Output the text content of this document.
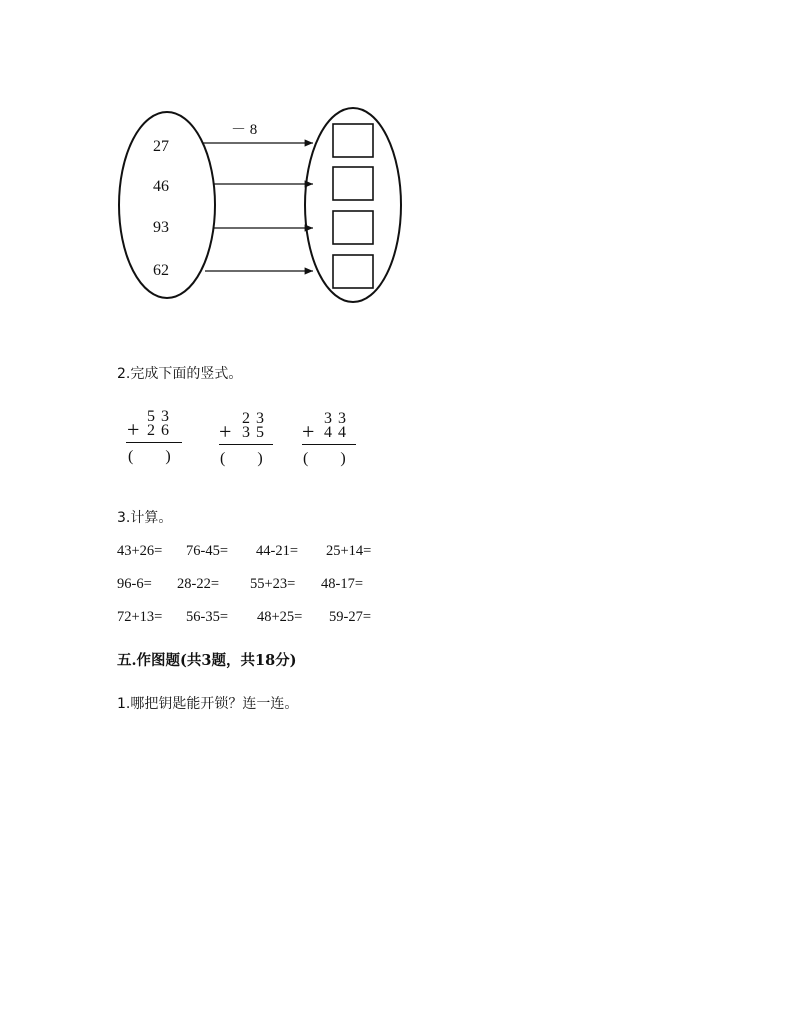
－ 8
27
46
93
62
2.完成下面的竖式。
5 3
+ 2 6
(　　)
2 3
+ 3 5
(　　)
3 3
+ 4 4
(　　)
3.计算。
43+26= 76-45= 44-21= 25+14=
96-6= 28-22= 55+23= 48-17=
72+13= 56-35= 48+25= 59-27=
五.作图题(共3题，共18分)
1.哪把钥匙能开锁？连一连。
